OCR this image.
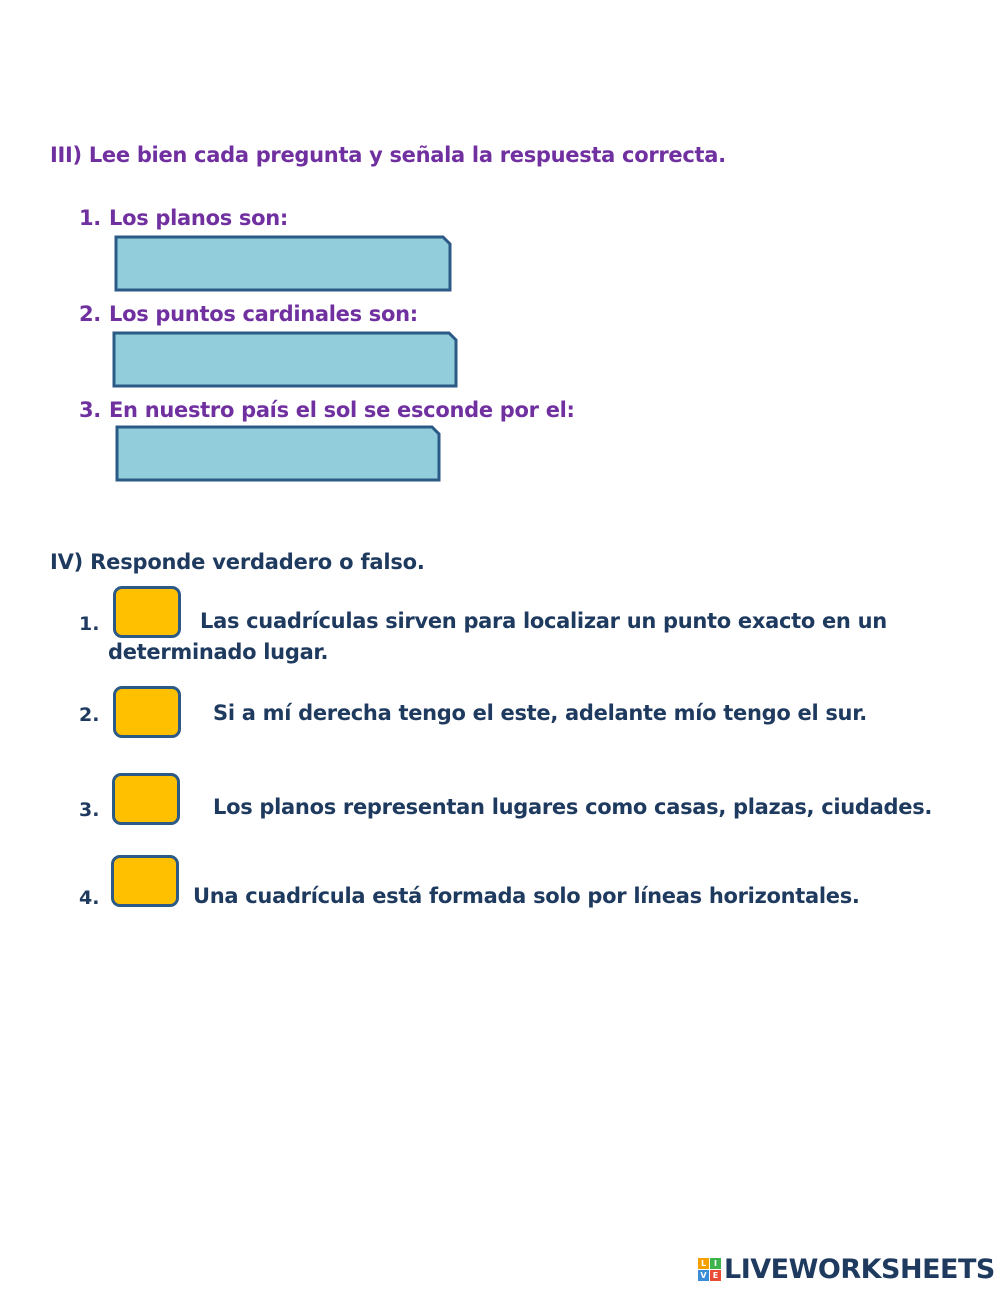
III) Lee bien cada pregunta y señala la respuesta correcta.
1. Los planos son:
2. Los puntos cardinales son:
3. En nuestro país el sol se esconde por el:
IV) Responde verdadero o falso.
1.	Las cuadrículas sirven para localizar un punto exacto en un
determinado lugar.
2.	Si a mí derecha tengo el este, adelante mío tengo el sur.
3.	Los planos representan lugares como casas, plazas, ciudades.
4.	Una cuadrícula está formada solo por líneas horizontales.
L I
V E LIVEWORKSHEETS
